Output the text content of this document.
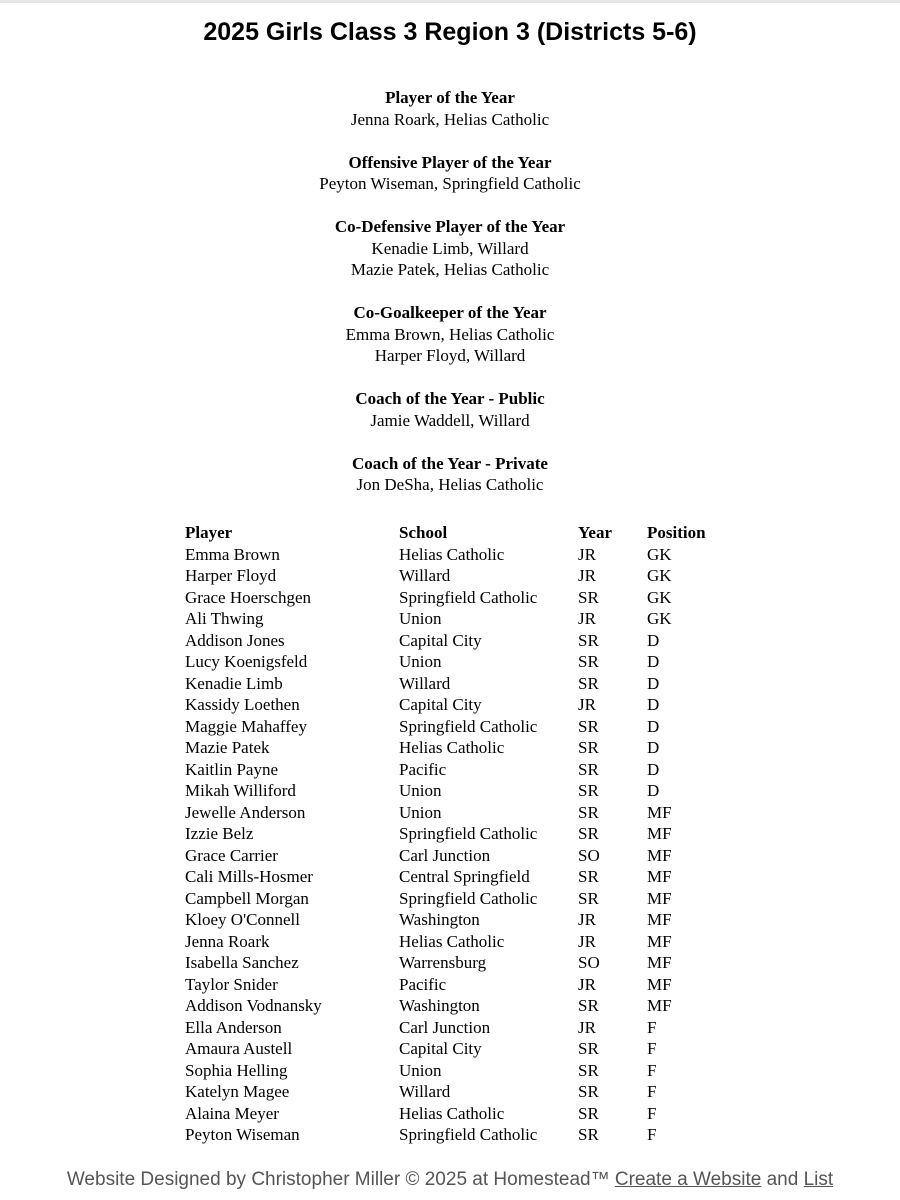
2025 Girls Class 3 Region 3 (Districts 5-6)
Player of the Year
Jenna Roark, Helias Catholic
Offensive Player of the Year
Peyton Wiseman, Springfield Catholic
Co-Defensive Player of the Year
Kenadie Limb, Willard
Mazie Patek, Helias Catholic
Co-Goalkeeper of the Year
Emma Brown, Helias Catholic
Harper Floyd, Willard
Coach of the Year - Public
Jamie Waddell, Willard
Coach of the Year - Private
Jon DeSha, Helias Catholic
Player	School	Year	Position
Emma Brown	Helias Catholic	JR	GK
Harper Floyd	Willard	JR	GK
Grace Hoerschgen	Springfield Catholic	SR	GK
Ali Thwing	Union	JR	GK
Addison Jones	Capital City	SR	D
Lucy Koenigsfeld	Union	SR	D
Kenadie Limb	Willard	SR	D
Kassidy Loethen	Capital City	JR	D
Maggie Mahaffey	Springfield Catholic	SR	D
Mazie Patek	Helias Catholic	SR	D
Kaitlin Payne	Pacific	SR	D
Mikah Williford	Union	SR	D
Jewelle Anderson	Union	SR	MF
Izzie Belz	Springfield Catholic	SR	MF
Grace Carrier	Carl Junction	SO	MF
Cali Mills-Hosmer	Central Springfield	SR	MF
Campbell Morgan	Springfield Catholic	SR	MF
Kloey O'Connell	Washington	JR	MF
Jenna Roark	Helias Catholic	JR	MF
Isabella Sanchez	Warrensburg	SO	MF
Taylor Snider	Pacific	JR	MF
Addison Vodnansky	Washington	SR	MF
Ella Anderson	Carl Junction	JR	F
Amaura Austell	Capital City	SR	F
Sophia Helling	Union	SR	F
Katelyn Magee	Willard	SR	F
Alaina Meyer	Helias Catholic	SR	F
Peyton Wiseman	Springfield Catholic	SR	F
Website Designed by Christopher Miller © 2025 at Homestead™ Create a Website and List
